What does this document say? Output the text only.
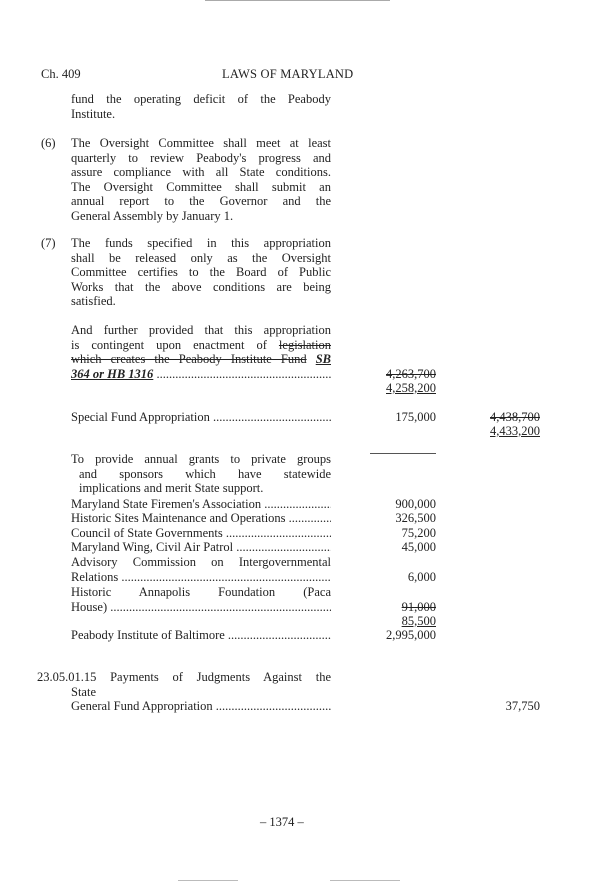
Ch. 409	LAWS OF MARYLAND
fund the operating deficit of the Peabody
Institute.
(6) The Oversight Committee shall meet at least
quarterly to review Peabody's progress and
assure compliance with all State conditions.
The Oversight Committee shall submit an
annual report to the Governor and the
General Assembly by January 1.
(7) The funds specified in this appropriation
shall be released only as the Oversight
Committee certifies to the Board of Public
Works that the above conditions are being
satisfied.
And further provided that this appropriation
is contingent upon enactment of legislation
which creates the Peabody Institute Fund SB
364 or HB 1316 .....	4,263,700
4,258,200
Special Fund Appropriation .....	175,000	4,438,700
4,433,200
To provide annual grants to private groups
and sponsors which have statewide
implications and merit State support.
Maryland State Firemen's Association .....	900,000
Historic Sites Maintenance and Operations .....	326,500
Council of State Governments .....	75,200
Maryland Wing, Civil Air Patrol .....	45,000
Advisory Commission on Intergovernmental
Relations .....	6,000
Historic Annapolis Foundation (Paca
House) .....	91,000
85,500
Peabody Institute of Baltimore .....	2,995,000
23.05.01.15 Payments of Judgments Against the
State
General Fund Appropriation .....	37,750
– 1374 –
